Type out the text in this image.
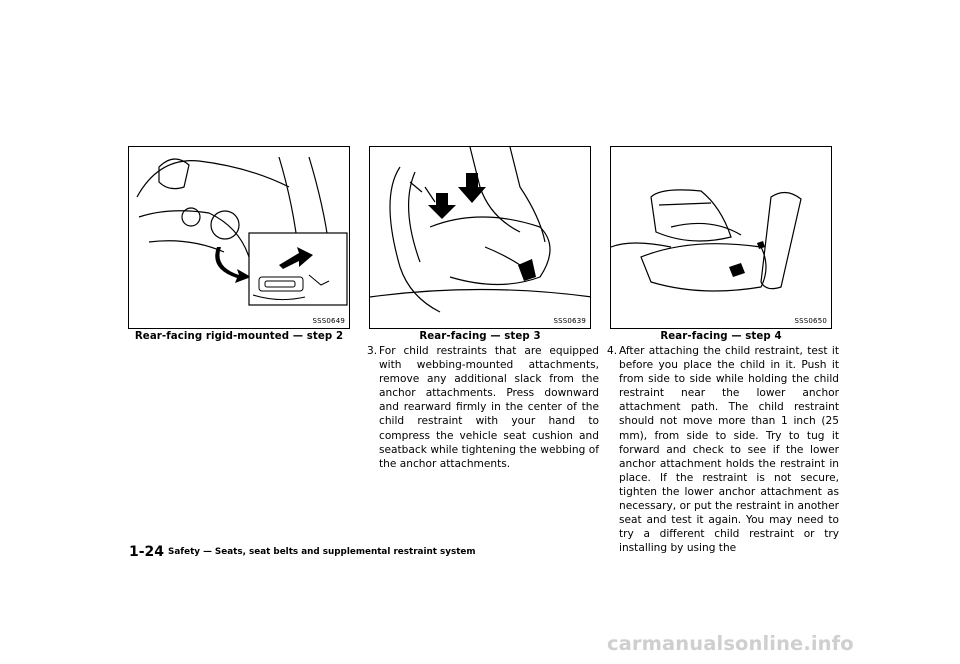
SSS0649
Rear-facing rigid-mounted — step 2
SSS0639
Rear-facing — step 3
SSS0650
Rear-facing — step 4
3. For child restraints that are equipped with webbing-mounted attachments, remove any additional slack from the anchor attachments. Press downward and rearward firmly in the center of the child restraint with your hand to compress the vehicle seat cushion and seatback while tightening the webbing of the anchor attachments.
4. After attaching the child restraint, test it before you place the child in it. Push it from side to side while holding the child restraint near the lower anchor attachment path. The child restraint should not move more than 1 inch (25 mm), from side to side. Try to tug it forward and check to see if the lower anchor attachment holds the restraint in place. If the restraint is not secure, tighten the lower anchor attachment as necessary, or put the restraint in another seat and test it again. You may need to try a different child restraint or try installing by using the
1-24 Safety — Seats, seat belts and supplemental restraint system
carmanualsonline.info
